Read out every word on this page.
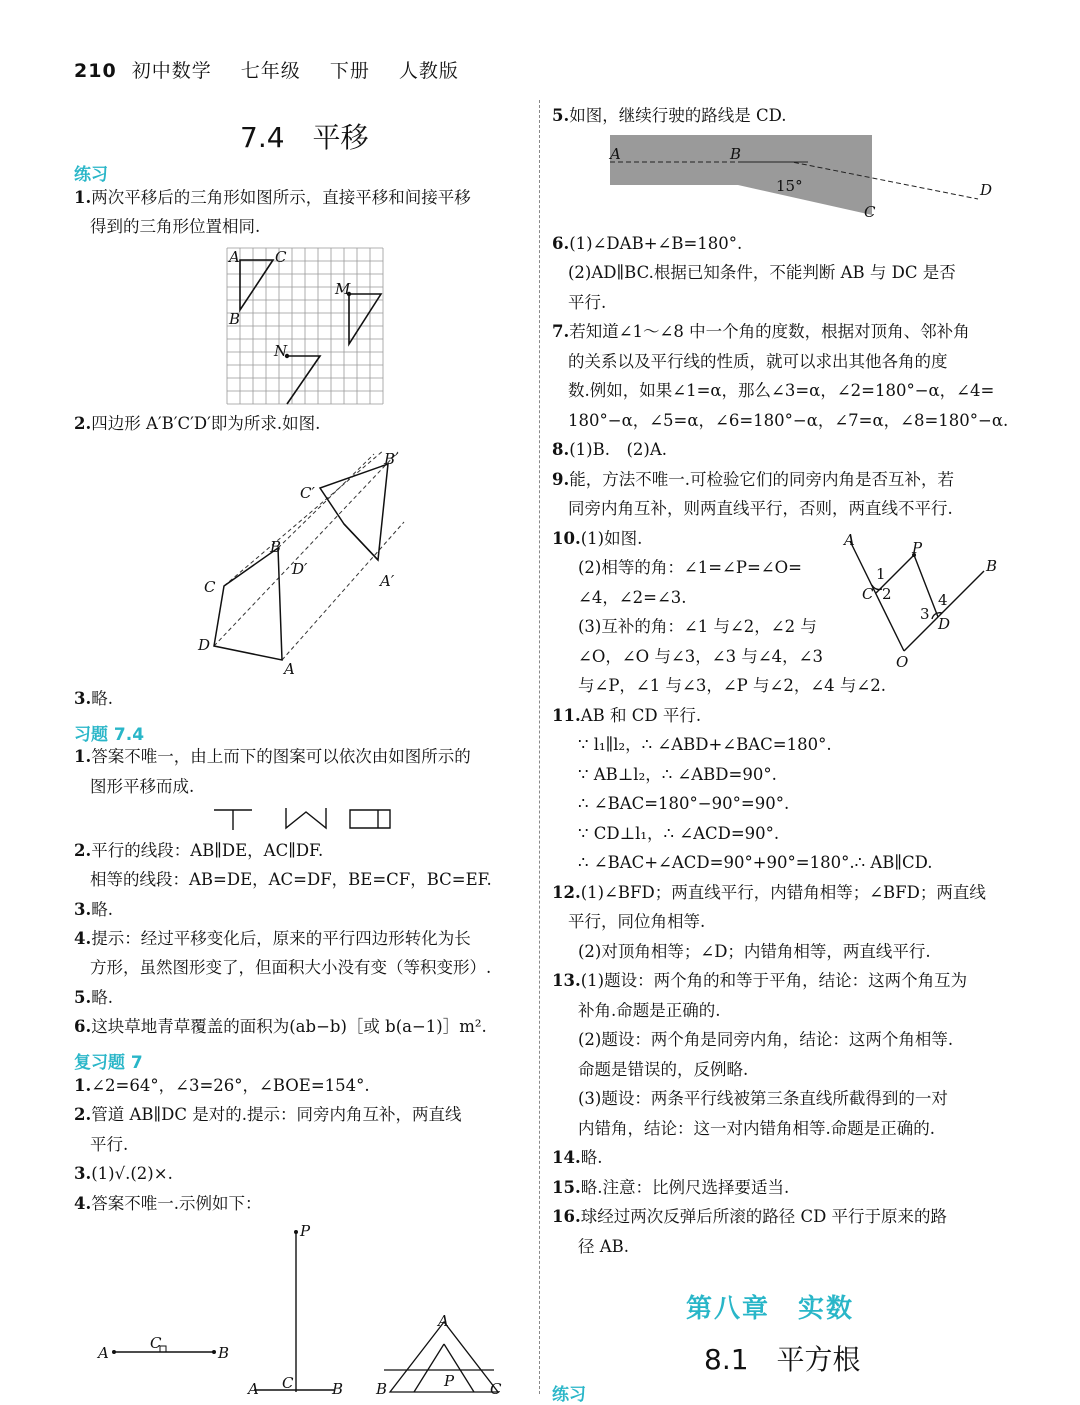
210 初中数学 七年级 下册 人教版
7.4　平移
练习
1.两次平移后的三角形如图所示，直接平移和间接平移
得到的三角形位置相同.
A C
B
M
N
2.四边形 A′B′C′D′即为所求.如图.
B′
C′
D′
A′
B
C
D
A
3.略.
习题 7.4
1.答案不唯一，由上而下的图案可以依次由如图所示的
图形平移而成.
2.平行的线段：AB∥DE，AC∥DF.
相等的线段：AB=DE，AC=DF，BE=CF，BC=EF.
3.略.
4.提示：经过平移变化后，原来的平行四边形转化为长
方形，虽然图形变了，但面积大小没有变（等积变形）.
5.略.
6.这块草地青草覆盖的面积为(ab−b)［或 b(a−1)］m².
复习题 7
1.∠2=64°，∠3=26°，∠BOE=154°.
2.管道 AB∥DC 是对的.提示：同旁内角互补，两直线
平行.
3.(1)√.(2)×.
4.答案不唯一.示例如下：
A
C
B
P
A C	B
A
P
B	C
5.如图，继续行驶的路线是 CD.
A	B
15°
C
D
6.(1)∠DAB+∠B=180°.
(2)AD∥BC.根据已知条件，不能判断 AB 与 DC 是否
平行.
7.若知道∠1～∠8 中一个角的度数，根据对顶角、邻补角
的关系以及平行线的性质，就可以求出其他各角的度
数.例如，如果∠1=α，那么∠3=α，∠2=180°−α，∠4=
180°−α，∠5=α，∠6=180°−α，∠7=α，∠8=180°−α.
8.(1)B.　(2)A.
9.能，方法不唯一.可检验它们的同旁内角是否互补，若
同旁内角互补，则两直线平行，否则，两直线不平行.
10.(1)如图.
(2)相等的角：∠1=∠P=∠O=
∠4，∠2=∠3.
(3)互补的角：∠1 与∠2，∠2 与
∠O，∠O 与∠3，∠3 与∠4，∠3
与∠P，∠1 与∠3，∠P 与∠2，∠4 与∠2.
A	P
B
1
C 2
3
4
D
O
11.AB 和 CD 平行.
∵ l₁∥l₂，∴ ∠ABD+∠BAC=180°.
∵ AB⊥l₂，∴ ∠ABD=90°.
∴ ∠BAC=180°−90°=90°.
∵ CD⊥l₁，∴ ∠ACD=90°.
∴ ∠BAC+∠ACD=90°+90°=180°.∴ AB∥CD.
12.(1)∠BFD；两直线平行，内错角相等；∠BFD；两直线
平行，同位角相等.
(2)对顶角相等；∠D；内错角相等，两直线平行.
13.(1)题设：两个角的和等于平角，结论：这两个角互为
补角.命题是正确的.
(2)题设：两个角是同旁内角，结论：这两个角相等.
命题是错误的，反例略.
(3)题设：两条平行线被第三条直线所截得到的一对
内错角，结论：这一对内错角相等.命题是正确的.
14.略.
15.略.注意：比例尺选择要适当.
16.球经过两次反弹后所滚的路径 CD 平行于原来的路
径 AB.
第八章　实数
8.1　平方根
练习
